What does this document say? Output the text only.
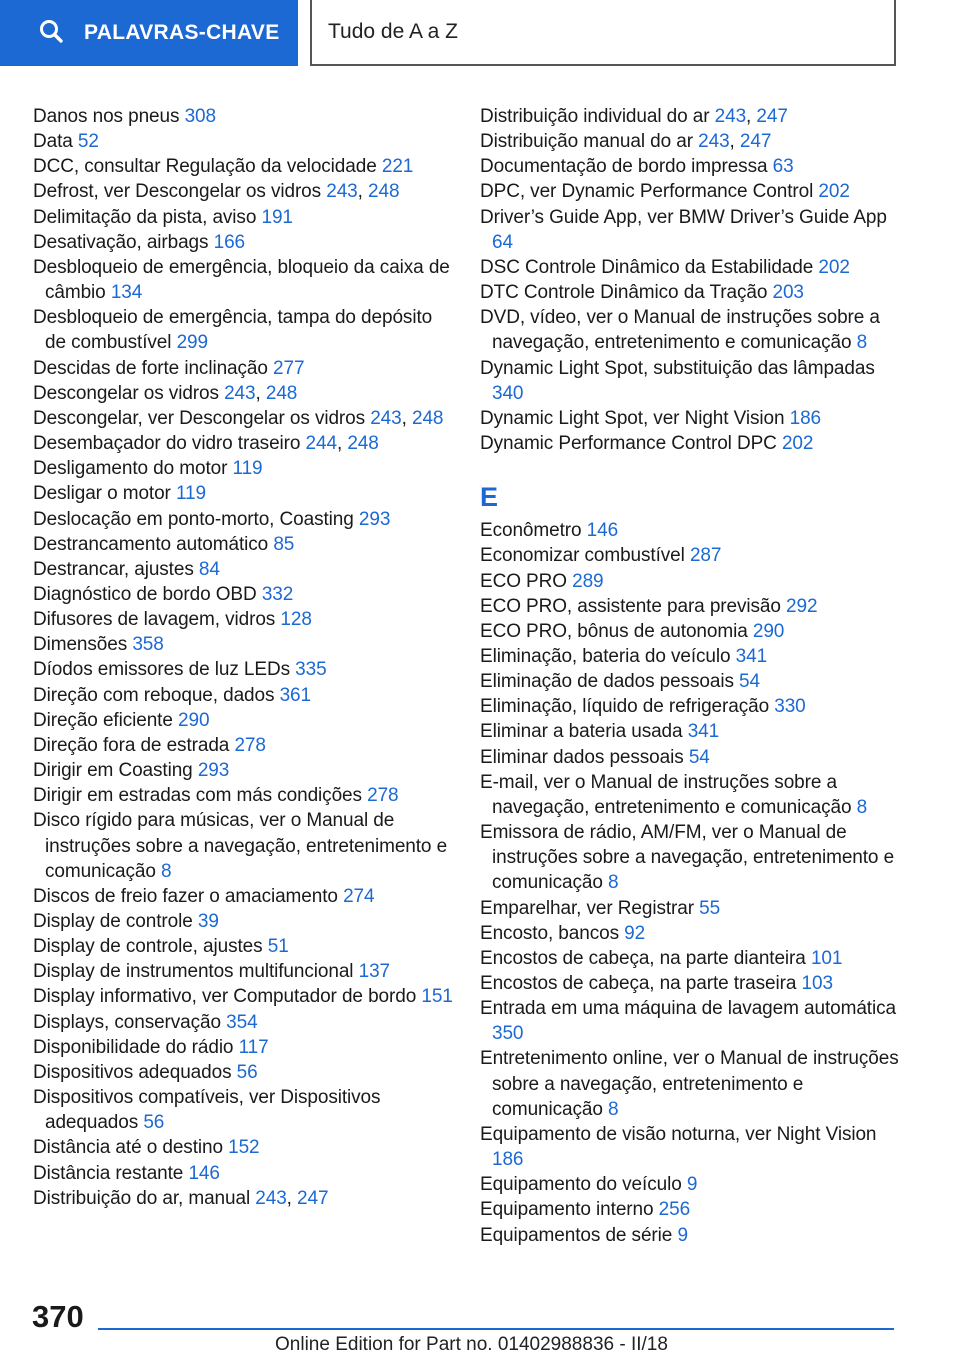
PALAVRAS-CHAVE Tudo de A a Z
Danos nos pneus 308
Data 52
DCC, consultar Regulação da velocidade 221
Defrost, ver Descongelar os vidros 243, 248
Delimitação da pista, aviso 191
Desativação, airbags 166
Desbloqueio de emergência, bloqueio da caixa de câmbio 134
Desbloqueio de emergência, tampa do depósito de combustível 299
Descidas de forte inclinação 277
Descongelar os vidros 243, 248
Descongelar, ver Descongelar os vidros 243, 248
Desembaçador do vidro traseiro 244, 248
Desligamento do motor 119
Desligar o motor 119
Deslocação em ponto-morto, Coasting 293
Destrancamento automático 85
Destrancar, ajustes 84
Diagnóstico de bordo OBD 332
Difusores de lavagem, vidros 128
Dimensões 358
Díodos emissores de luz LEDs 335
Direção com reboque, dados 361
Direção eficiente 290
Direção fora de estrada 278
Dirigir em Coasting 293
Dirigir em estradas com más condições 278
Disco rígido para músicas, ver o Manual de instruções sobre a navegação, entretenimento e comunicação 8
Discos de freio fazer o amaciamento 274
Display de controle 39
Display de controle, ajustes 51
Display de instrumentos multifuncional 137
Display informativo, ver Computador de bordo 151
Displays, conservação 354
Disponibilidade do rádio 117
Dispositivos adequados 56
Dispositivos compatíveis, ver Dispositivos adequados 56
Distância até o destino 152
Distância restante 146
Distribuição do ar, manual 243, 247
Distribuição individual do ar 243, 247
Distribuição manual do ar 243, 247
Documentação de bordo impressa 63
DPC, ver Dynamic Performance Control 202
Driver’s Guide App, ver BMW Driver’s Guide App 64
DSC Controle Dinâmico da Estabilidade 202
DTC Controle Dinâmico da Tração 203
DVD, vídeo, ver o Manual de instruções sobre a navegação, entretenimento e comunicação 8
Dynamic Light Spot, substituição das lâmpadas 340
Dynamic Light Spot, ver Night Vision 186
Dynamic Performance Control DPC 202
E
Econômetro 146
Economizar combustível 287
ECO PRO 289
ECO PRO, assistente para previsão 292
ECO PRO, bônus de autonomia 290
Eliminação, bateria do veículo 341
Eliminação de dados pessoais 54
Eliminação, líquido de refrigeração 330
Eliminar a bateria usada 341
Eliminar dados pessoais 54
E-mail, ver o Manual de instruções sobre a navegação, entretenimento e comunicação 8
Emissora de rádio, AM/FM, ver o Manual de instruções sobre a navegação, entretenimento e comunicação 8
Emparelhar, ver Registrar 55
Encosto, bancos 92
Encostos de cabeça, na parte dianteira 101
Encostos de cabeça, na parte traseira 103
Entrada em uma máquina de lavagem automática 350
Entretenimento online, ver o Manual de instruções sobre a navegação, entretenimento e comunicação 8
Equipamento de visão noturna, ver Night Vision 186
Equipamento do veículo 9
Equipamento interno 256
Equipamentos de série 9
370
Online Edition for Part no. 01402988836 - II/18
